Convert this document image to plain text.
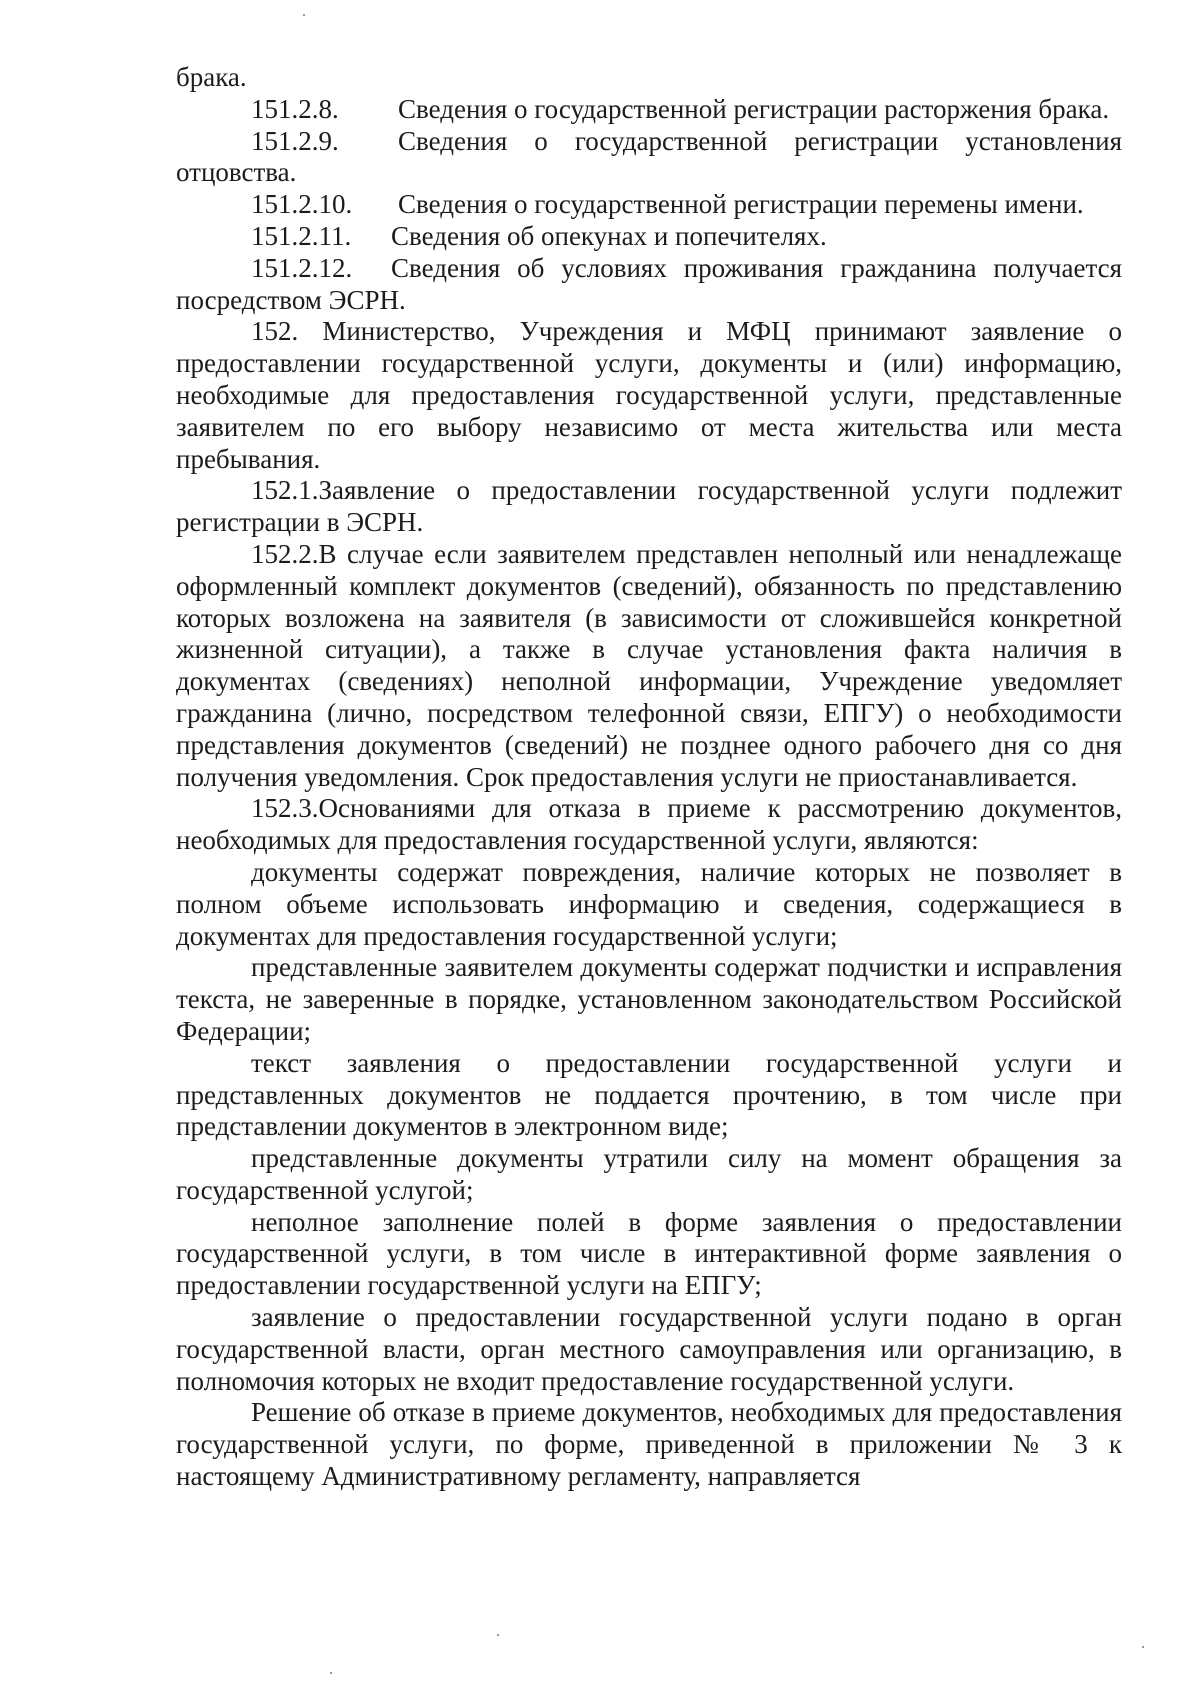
брака.

151.2.8. Сведения о государственной регистрации расторжения брака.

151.2.9. Сведения о государственной регистрации установления отцовства.

151.2.10. Сведения о государственной регистрации перемены имени.

151.2.11. Сведения об опекунах и попечителях.

151.2.12. Сведения об условиях проживания гражданина получается посредством ЭСРН.

152. Министерство, Учреждения и МФЦ принимают заявление о предоставлении государственной услуги, документы и (или) информацию, необходимые для предоставления государственной услуги, представленные заявителем по его выбору независимо от места жительства или места пребывания.

152.1.Заявление о предоставлении государственной услуги подлежит регистрации в ЭСРН.

152.2.В случае если заявителем представлен неполный или ненадлежаще оформленный комплект документов (сведений), обязанность по представлению которых возложена на заявителя (в зависимости от сложившейся конкретной жизненной ситуации), а также в случае установления факта наличия в документах (сведениях) неполной информации, Учреждение уведомляет гражданина (лично, посредством телефонной связи, ЕПГУ) о необходимости представления документов (сведений) не позднее одного рабочего дня со дня получения уведомления. Срок предоставления услуги не приостанавливается.

152.3.Основаниями для отказа в приеме к рассмотрению документов, необходимых для предоставления государственной услуги, являются:

документы содержат повреждения, наличие которых не позволяет в полном объеме использовать информацию и сведения, содержащиеся в документах для предоставления государственной услуги;

представленные заявителем документы содержат подчистки и исправления текста, не заверенные в порядке, установленном законодательством Российской Федерации;

текст заявления о предоставлении государственной услуги и представленных документов не поддается прочтению, в том числе при представлении документов в электронном виде;

представленные документы утратили силу на момент обращения за государственной услугой;

неполное заполнение полей в форме заявления о предоставлении государственной услуги, в том числе в интерактивной форме заявления о предоставлении государственной услуги на ЕПГУ;

заявление о предоставлении государственной услуги подано в орган государственной власти, орган местного самоуправления или организацию, в полномочия которых не входит предоставление государственной услуги.

Решение об отказе в приеме документов, необходимых для предоставления государственной услуги, по форме, приведенной в приложении № 3 к настоящему Административному регламенту, направляется
